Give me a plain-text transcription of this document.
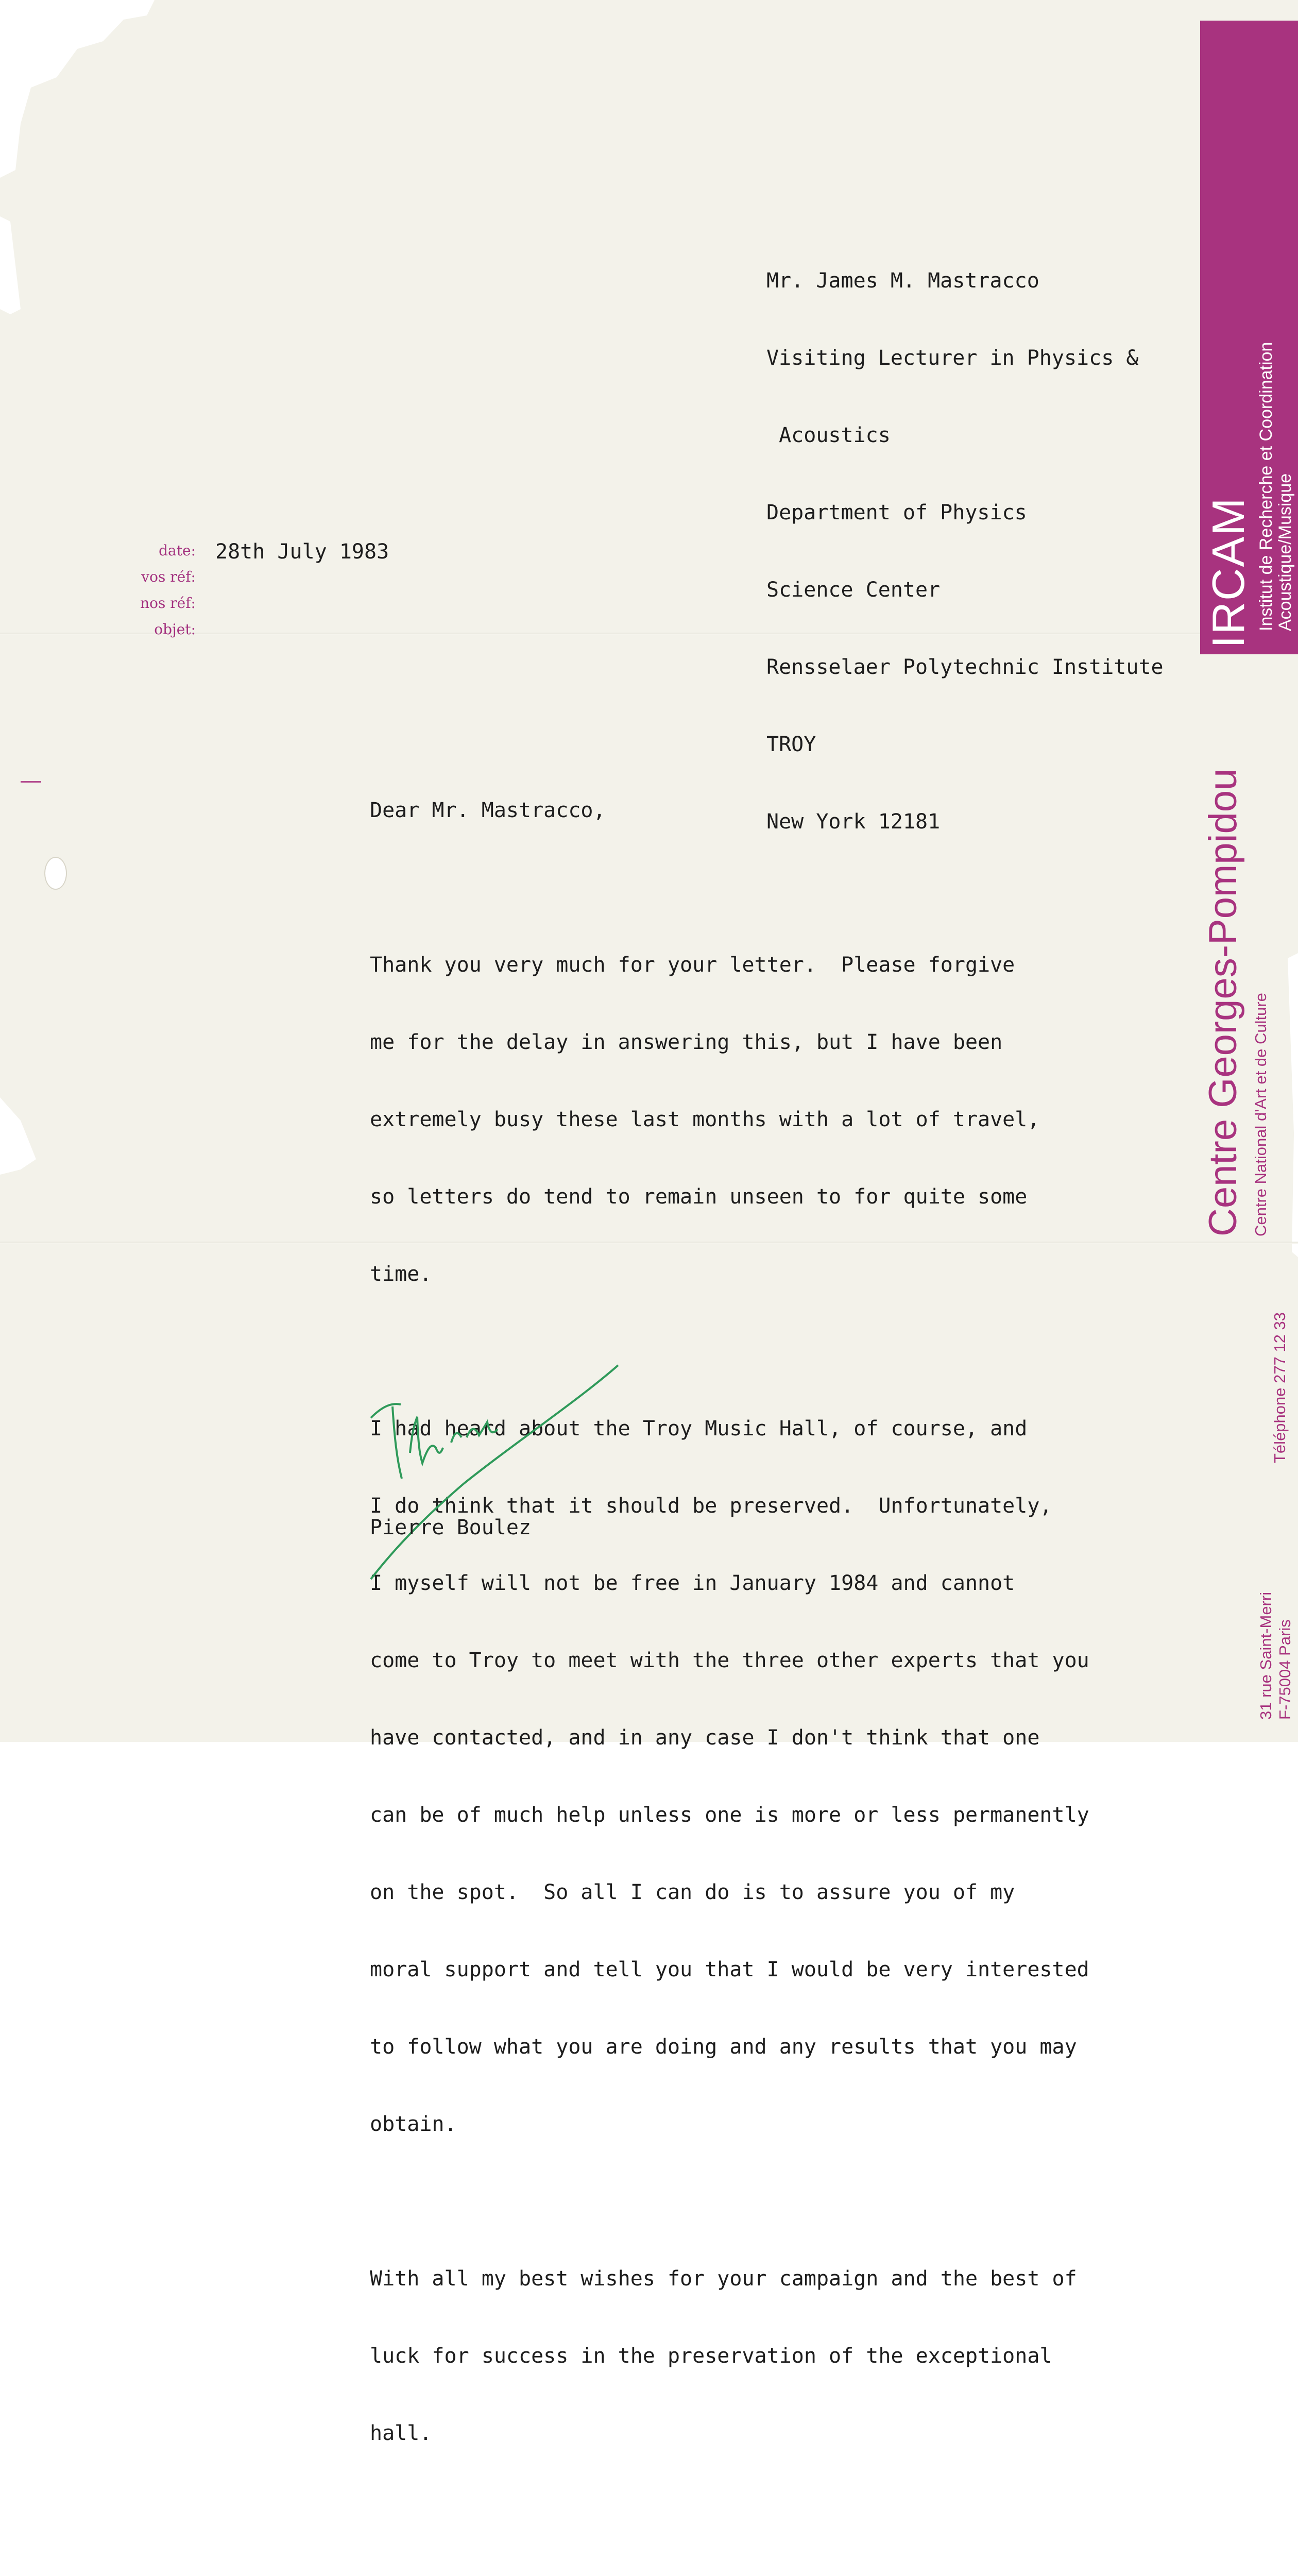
IRCAM Institut de Recherche et Coordination Acoustique/Musique
Centre Georges-Pompidou Centre National d'Art et de Culture
Téléphone 277 12 33
31 rue Saint-Merri F-75004 Paris

Mr. James M. Mastracco

Visiting Lecturer in Physics &

Acoustics

Department of Physics

Science Center

Rensselaer Polytechnic Institute

TROY

New York 12181

date:
vos réf:
nos réf:
objet:
28th July 1983

Dear Mr. Mastracco,

Thank you very much for your letter.  Please forgive

me for the delay in answering this, but I have been

extremely busy these last months with a lot of travel,

so letters do tend to remain unseen to for quite some

time.

I had heard about the Troy Music Hall, of course, and

I do think that it should be preserved.  Unfortunately,

I myself will not be free in January 1984 and cannot

come to Troy to meet with the three other experts that you

have contacted, and in any case I don't think that one

can be of much help unless one is more or less permanently

on the spot.  So all I can do is to assure you of my

moral support and tell you that I would be very interested

to follow what you are doing and any results that you may

obtain.

With all my best wishes for your campaign and the best of

luck for success in the preservation of the exceptional

hall.

Pierre Boulez
